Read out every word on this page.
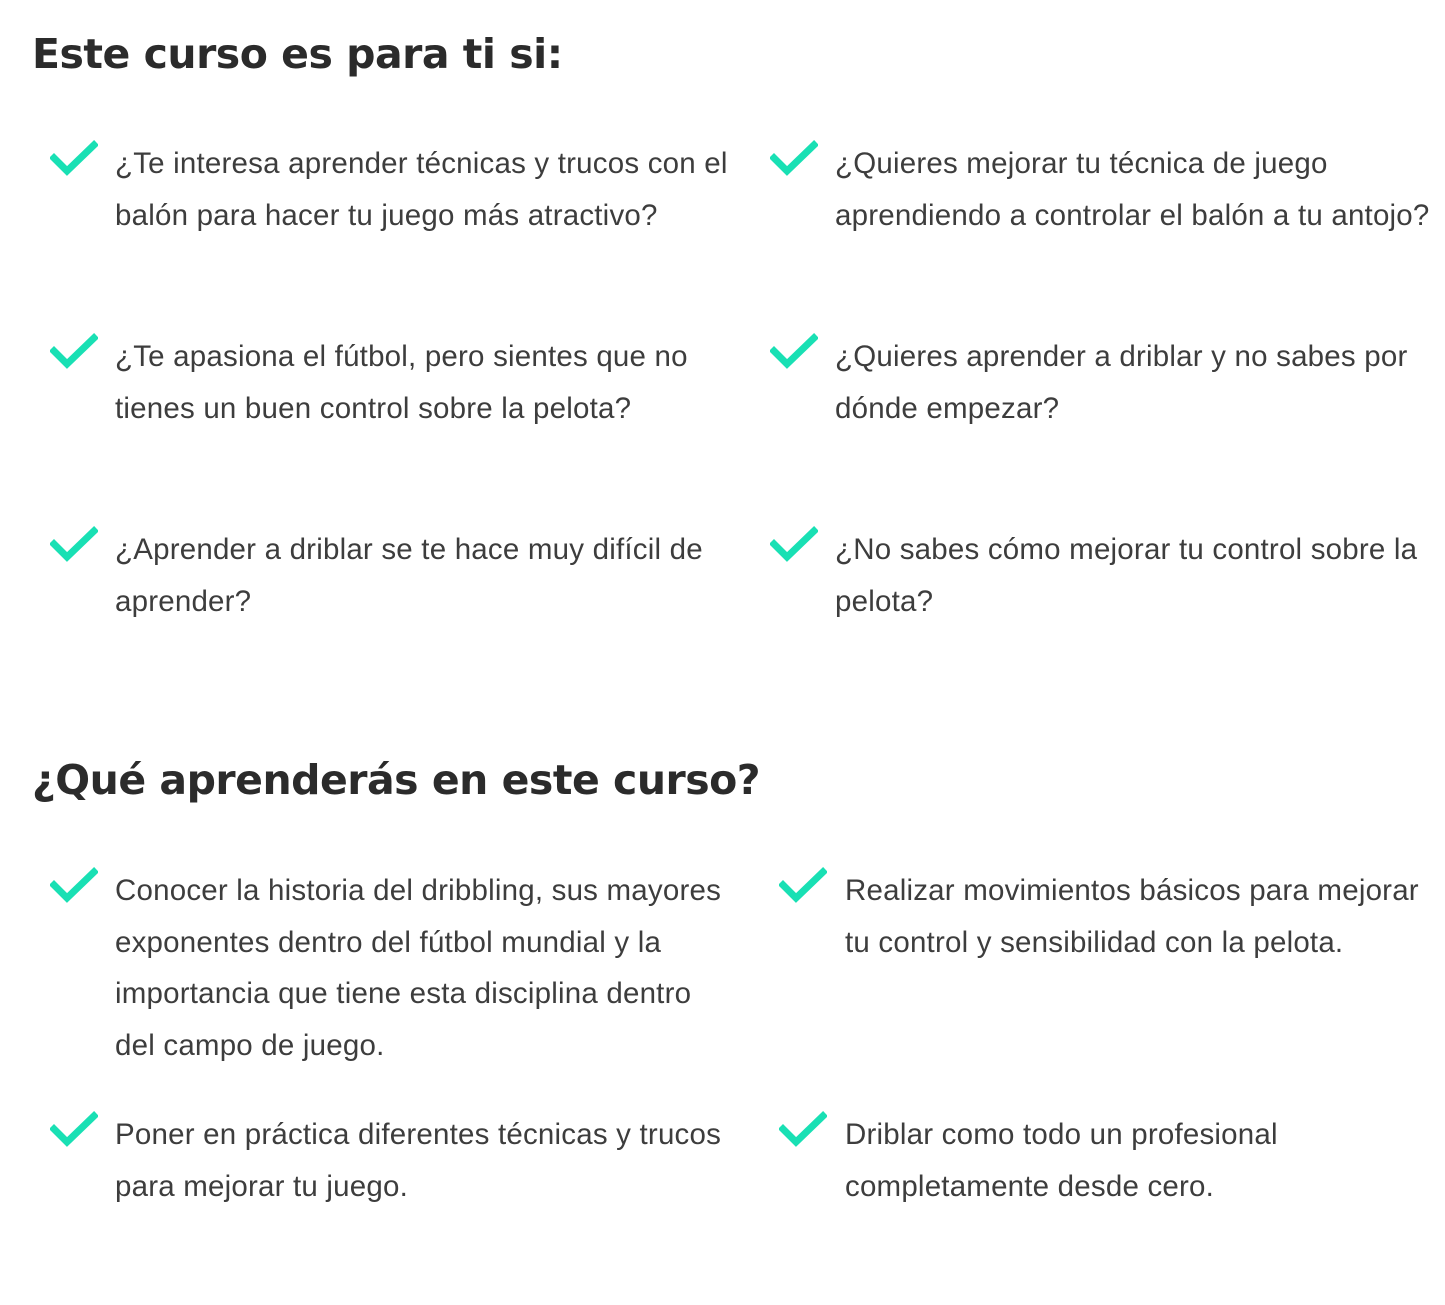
Este curso es para ti si:
¿Te interesa aprender técnicas y trucos con el balón para hacer tu juego más atractivo?
¿Quieres mejorar tu técnica de juego aprendiendo a controlar el balón a tu antojo?
¿Te apasiona el fútbol, pero sientes que no tienes un buen control sobre la pelota?
¿Quieres aprender a driblar y no sabes por dónde empezar?
¿Aprender a driblar se te hace muy difícil de aprender?
¿No sabes cómo mejorar tu control sobre la pelota?
¿Qué aprenderás en este curso?
Conocer la historia del dribbling, sus mayores exponentes dentro del fútbol mundial y la importancia que tiene esta disciplina dentro del campo de juego.
Realizar movimientos básicos para mejorar tu control y sensibilidad con la pelota.
Poner en práctica diferentes técnicas y trucos para mejorar tu juego.
Driblar como todo un profesional completamente desde cero.
